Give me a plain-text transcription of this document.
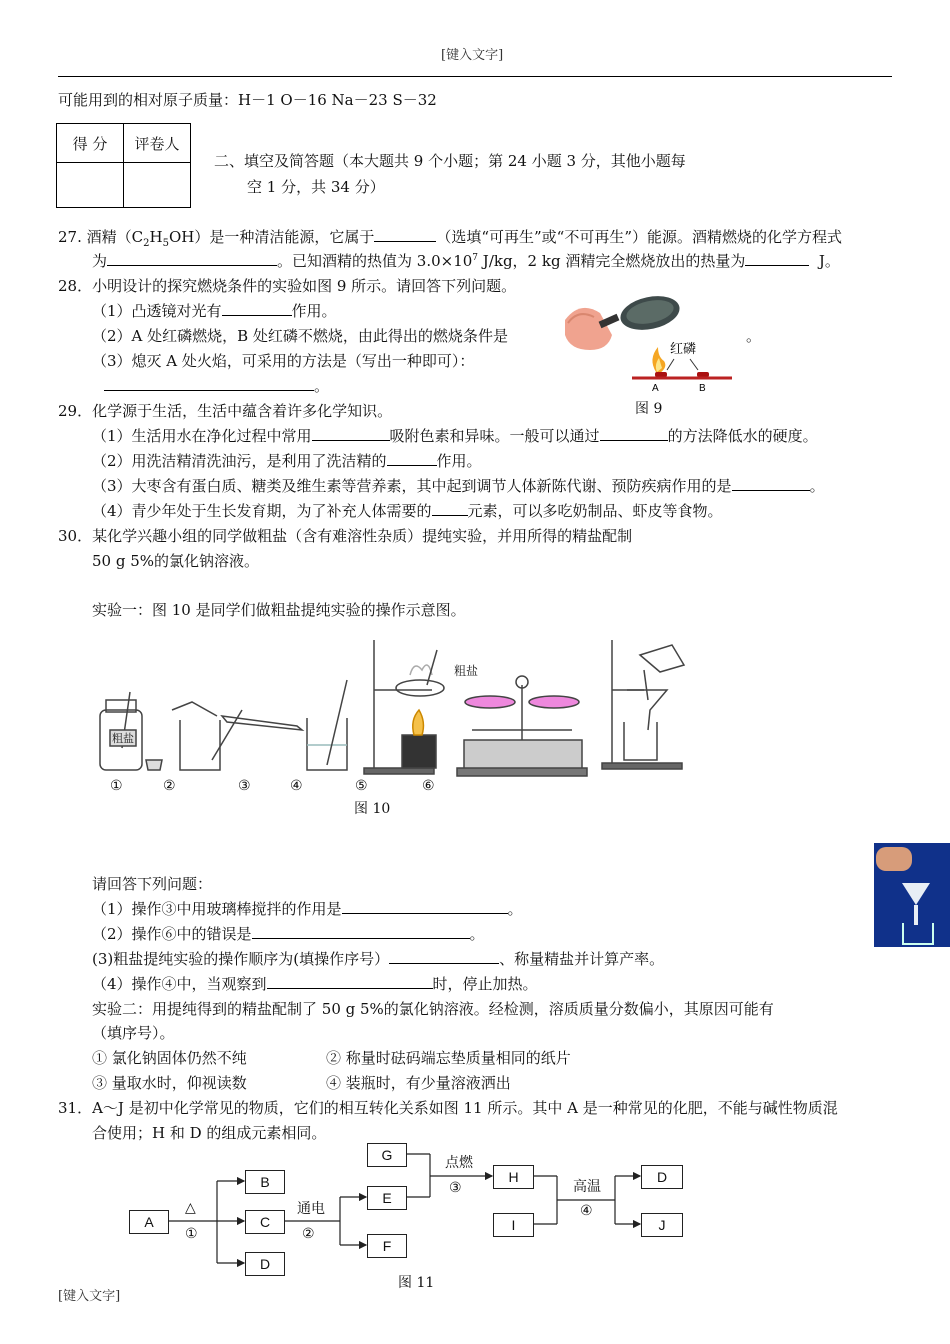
[键入文字]
[键入文字]
可能用到的相对原子质量：H－1 O－16 Na－23 S－32
得 分	评卷人

二、填空及简答题（本大题共 9 个小题；第 24 小题 3 分，其他小题每
空 1 分，共 34 分）
27. 酒精$(C_2H_5OH)$是一种清洁能源，它属于	（选填“可再生”或“不可再生”）能源。酒精燃烧的化学方程式
为	。已知酒精的热值为 $3.0\times 10^7$ J/kg，2 kg 酒精完全燃烧放出的热量为	J。
28．小明设计的探究燃烧条件的实验如图 9 所示。请回答下列问题。
（1）凸透镜对光有	作用。
（2）A 处红磷燃烧，B 处红磷不燃烧，由此得出的燃烧条件是	。
（3）熄灭 A 处火焰，可采用的方法是（写出一种即可）：
。
红磷
A	B
图 9
29．化学源于生活，生活中蕴含着许多化学知识。
（1）生活用水在净化过程中常用	吸附色素和异味。一般可以通过	的方法降低水的硬度。
（2）用洗洁精清洗油污，是利用了洗洁精的	作用。
（3）大枣含有蛋白质、糖类及维生素等营养素，其中起到调节人体新陈代谢、预防疾病作用的是	。
（4）青少年处于生长发育期，为了补充人体需要的 元素，可以多吃奶制品、虾皮等食物。
30．某化学兴趣小组的同学做粗盐（含有难溶性杂质）提纯实验，并用所得的精盐配制
50 g 5%的氯化钠溶液。
实验一：图 10 是同学们做粗盐提纯实验的操作示意图。
粗盐
粗盐
①	②	③	④	⑤	⑥
图 10
请回答下列问题：
（1）操作③中用玻璃棒搅拌的作用是	。
（2）操作⑥中的错误是	。
(3)粗盐提纯实验的操作顺序为(填操作序号）	、称量精盐并计算产率。
（4）操作④中，当观察到	时，停止加热。
实验二：用提纯得到的精盐配制了 50 g 5%的氯化钠溶液。经检测，溶质质量分数偏小，其原因可能有
（填序号）。
① 氯化钠固体仍然不纯	② 称量时砝码端忘垫质量相同的纸片
③ 量取水时，仰视读数	④ 装瓶时，有少量溶液洒出
31．A～J 是初中化学常见的物质，它们的相互转化关系如图 11 所示。其中 A 是一种常见的化肥，不能与碱性物质混
合使用；H 和 D 的组成元素相同。
A
B
C
D
E
F
G
H
I
D
J
△
①
通电
②
点燃
③	高温
④
图 11
